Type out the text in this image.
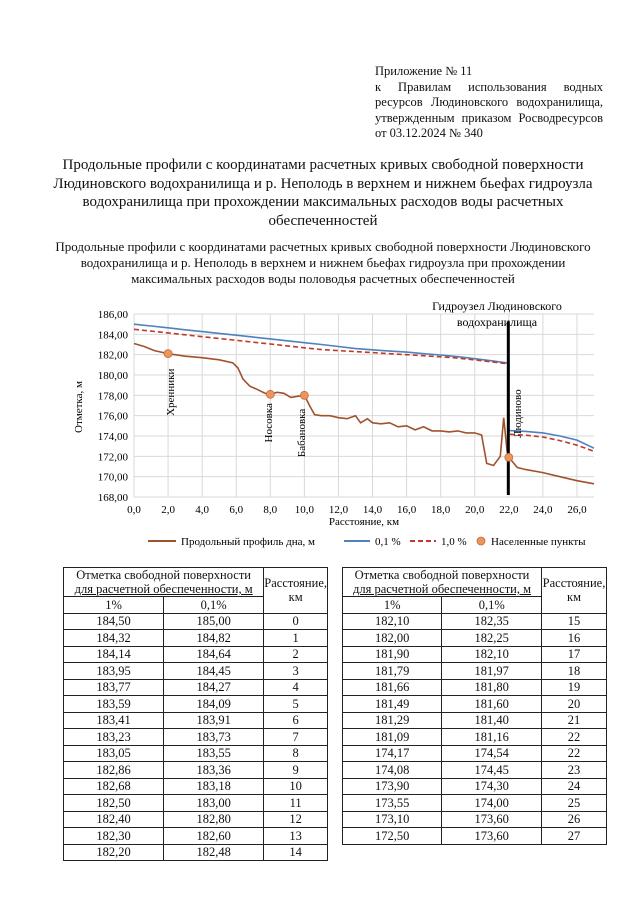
Приложение № 11
к Правилам использования водных
ресурсов Людиновского водохранилища,
утвержденным приказом Росводресурсов
от 03.12.2024 № 340
Продольные профили с координатами расчетных кривых свободной поверхности
Людиновского водохранилища и р. Неполодь в верхнем и нижнем бьефах гидроузла
водохранилища при прохождении максимальных расходов воды расчетных
обеспеченностей
Продольные профили с координатами расчетных кривых свободной поверхности Людиновского
водохранилища и р. Неполодь в верхнем и нижнем бьефах гидроузла при прохождении
максимальных расходов воды половодья расчетных обеспеченностей
168,00
170,00
172,00
174,00
176,00
178,00
180,00
182,00
184,00
186,00
0,0 2,0 4,0 6,0 8,0 10,0 12,0 14,0 16,0 18,0 20,0 22,0 24,0 26,0
Отметка, м
Расстояние, км
Гидроузел Людиновского
водохранилища
Хренники
Носовка Бабановка	Людиново
Продольный профиль дна, м	0,1 %	1,0 % Населенные пункты
Отметка свободной поверхности
для расчетной обеспеченности, м		Расстояние, км
1%	0,1%	
184,50	185,00	0
184,32	184,82	1
184,14	184,64	2
183,95	184,45	3
183,77	184,27	4
183,59	184,09	5
183,41	183,91	6
183,23	183,73	7
183,05	183,55	8
182,86	183,36	9
182,68	183,18	10
182,50	183,00	11
182,40	182,80	12
182,30	182,60	13
182,20	182,48	14
Отметка свободной поверхности
для расчетной обеспеченности, м		Расстояние, км
1%	0,1%	
182,10	182,35	15
182,00	182,25	16
181,90	182,10	17
181,79	181,97	18
181,66	181,80	19
181,49	181,60	20
181,29	181,40	21
181,09	181,16	22
174,17	174,54	22
174,08	174,45	23
173,90	174,30	24
173,55	174,00	25
173,10	173,60	26
172,50	173,60	27
